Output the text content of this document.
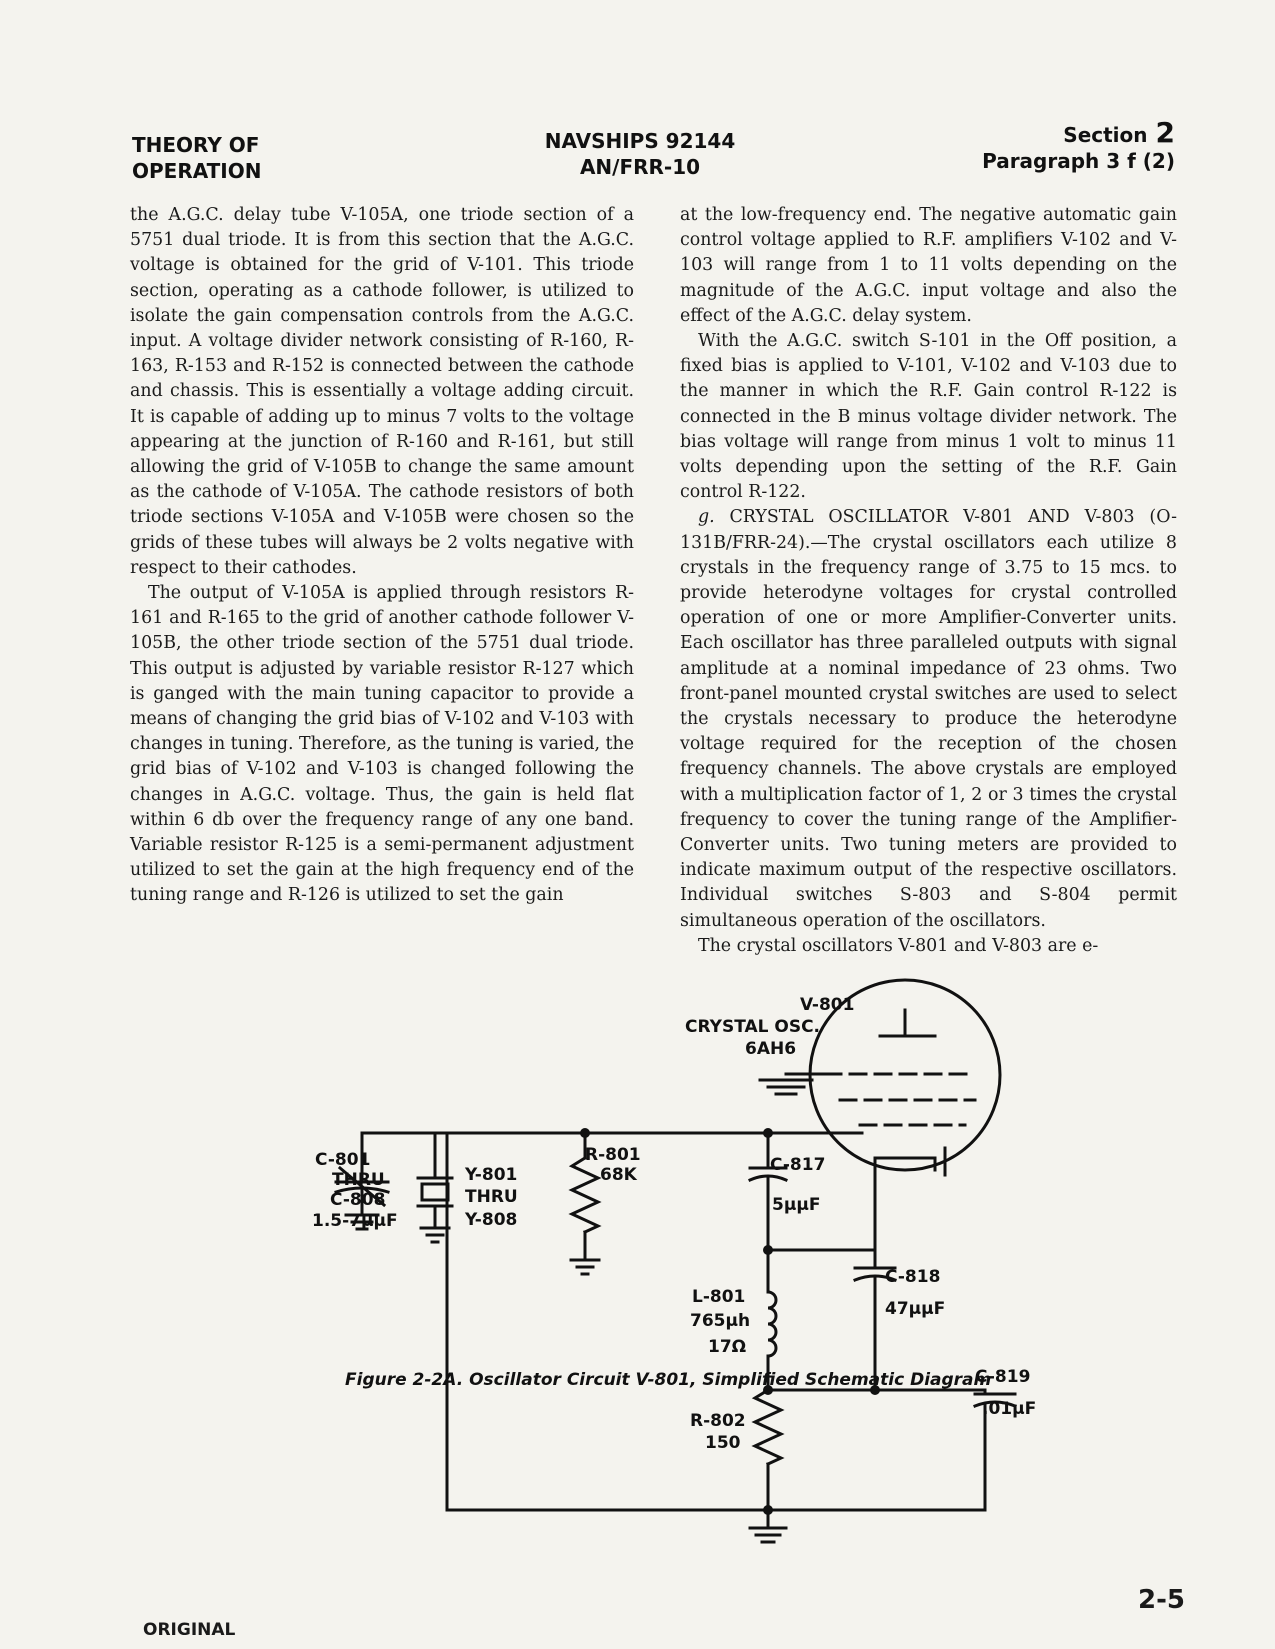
THEORY OF
OPERATION
NAVSHIPS 92144
AN/FRR-10
Section 2
Paragraph 3 f (2)

the A.G.C. delay tube V-105A, one triode section of a 5751 dual triode. It is from this section that the A.G.C. voltage is obtained for the grid of V-101. This triode section, operating as a cathode follower, is utilized to isolate the gain compensation controls from the A.G.C. input. A voltage divider network consisting of R-160, R-163, R-153 and R-152 is connected between the cathode and chassis. This is essentially a voltage adding circuit. It is capable of adding up to minus 7 volts to the voltage appearing at the junction of R-160 and R-161, but still allowing the grid of V-105B to change the same amount as the cathode of V-105A. The cathode resistors of both triode sections V-105A and V-105B were chosen so the grids of these tubes will always be 2 volts negative with respect to their cathodes.

The output of V-105A is applied through resistors R-161 and R-165 to the grid of another cathode follower V-105B, the other triode section of the 5751 dual triode. This output is adjusted by variable resistor R-127 which is ganged with the main tuning capacitor to provide a means of changing the grid bias of V-102 and V-103 with changes in tuning. Therefore, as the tuning is varied, the grid bias of V-102 and V-103 is changed following the changes in A.G.C. voltage. Thus, the gain is held flat within 6 db over the frequency range of any one band. Variable resistor R-125 is a semi-permanent adjustment utilized to set the gain at the high frequency end of the tuning range and R-126 is utilized to set the gain

at the low-frequency end. The negative automatic gain control voltage applied to R.F. amplifiers V-102 and V-103 will range from 1 to 11 volts depending on the magnitude of the A.G.C. input voltage and also the effect of the A.G.C. delay system.

With the A.G.C. switch S-101 in the Off position, a fixed bias is applied to V-101, V-102 and V-103 due to the manner in which the R.F. Gain control R-122 is connected in the B minus voltage divider network. The bias voltage will range from minus 1 volt to minus 11 volts depending upon the setting of the R.F. Gain control R-122.

g. CRYSTAL OSCILLATOR V-801 AND V-803 (O-131B/FRR-24).—The crystal oscillators each utilize 8 crystals in the frequency range of 3.75 to 15 mcs. to provide heterodyne voltages for crystal controlled operation of one or more Amplifier-Converter units. Each oscillator has three paralleled outputs with signal amplitude at a nominal impedance of 23 ohms. Two front-panel mounted crystal switches are used to select the crystals necessary to produce the heterodyne voltage required for the reception of the chosen frequency channels. The above crystals are employed with a multiplication factor of 1, 2 or 3 times the crystal frequency to cover the tuning range of the Amplifier-Converter units. Two tuning meters are provided to indicate maximum output of the respective oscillators. Individual switches S-803 and S-804 permit simultaneous operation of the oscillators.

The crystal oscillators V-801 and V-803 are e-

V-801
CRYSTAL OSC.
6AH6
C-801
THRU
C-808
1.5-7μμF
Y-801
THRU
Y-808
R-801
68K	C-817
5μμF
C-818
47μμF
L-801
765μh
17Ω
C-819
.01μF
R-802
150
Figure 2-2A. Oscillator Circuit V-801, Simplified Schematic Diagram
ORIGINAL
2-5
